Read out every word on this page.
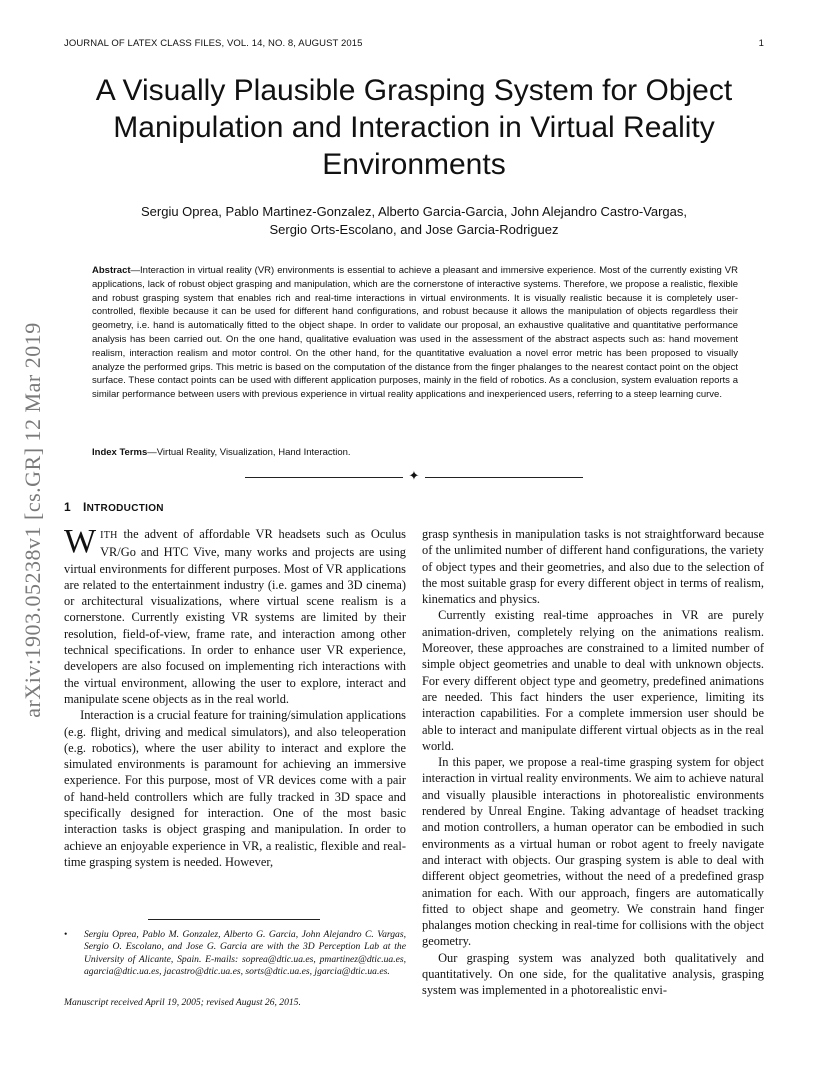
JOURNAL OF LATEX CLASS FILES, VOL. 14, NO. 8, AUGUST 2015	1
arXiv:1903.05238v1 [cs.GR] 12 Mar 2019
A Visually Plausible Grasping System for Object Manipulation and Interaction in Virtual Reality Environments
Sergiu Oprea, Pablo Martinez-Gonzalez, Alberto Garcia-Garcia, John Alejandro Castro-Vargas,
Sergio Orts-Escolano, and Jose Garcia-Rodriguez
Abstract—Interaction in virtual reality (VR) environments is essential to achieve a pleasant and immersive experience. Most of the currently existing VR applications, lack of robust object grasping and manipulation, which are the cornerstone of interactive systems. Therefore, we propose a realistic, flexible and robust grasping system that enables rich and real-time interactions in virtual environments. It is visually realistic because it is completely user-controlled, flexible because it can be used for different hand configurations, and robust because it allows the manipulation of objects regardless their geometry, i.e. hand is automatically fitted to the object shape. In order to validate our proposal, an exhaustive qualitative and quantitative performance analysis has been carried out. On the one hand, qualitative evaluation was used in the assessment of the abstract aspects such as: hand movement realism, interaction realism and motor control. On the other hand, for the quantitative evaluation a novel error metric has been proposed to visually analyze the performed grips. This metric is based on the computation of the distance from the finger phalanges to the nearest contact point on the object surface. These contact points can be used with different application purposes, mainly in the field of robotics. As a conclusion, system evaluation reports a similar performance between users with previous experience in virtual reality applications and inexperienced users, referring to a steep learning curve.
Index Terms—Virtual Reality, Visualization, Hand Interaction.
✦
1 INTRODUCTION

WITH the advent of affordable VR headsets such as Oculus VR/Go and HTC Vive, many works and projects are using virtual environments for different purposes. Most of VR applications are related to the entertainment industry (i.e. games and 3D cinema) or architectural visualizations, where virtual scene realism is a cornerstone. Currently existing VR systems are limited by their resolution, field-of-view, frame rate, and interaction among other technical specifications. In order to enhance user VR experience, developers are also focused on implementing rich interactions with the virtual environment, allowing the user to explore, interact and manipulate scene objects as in the real world.

Interaction is a crucial feature for training/simulation applications (e.g. flight, driving and medical simulators), and also teleoperation (e.g. robotics), where the user ability to interact and explore the simulated environments is paramount for achieving an immersive experience. For this purpose, most of VR devices come with a pair of hand-held controllers which are fully tracked in 3D space and specifically designed for interaction. One of the most basic interaction tasks is object grasping and manipulation. In order to achieve an enjoyable experience in VR, a realistic, flexible and real-time grasping system is needed. However,

grasp synthesis in manipulation tasks is not straightforward because of the unlimited number of different hand configurations, the variety of object types and their geometries, and also due to the selection of the most suitable grasp for every different object in terms of realism, kinematics and physics.

Currently existing real-time approaches in VR are purely animation-driven, completely relying on the animations realism. Moreover, these approaches are constrained to a limited number of simple object geometries and unable to deal with unknown objects. For every different object type and geometry, predefined animations are needed. This fact hinders the user experience, limiting its interaction capabilities. For a complete immersion user should be able to interact and manipulate different virtual objects as in the real world.

In this paper, we propose a real-time grasping system for object interaction in virtual reality environments. We aim to achieve natural and visually plausible interactions in photorealistic environments rendered by Unreal Engine. Taking advantage of headset tracking and motion controllers, a human operator can be embodied in such environments as a virtual human or robot agent to freely navigate and interact with objects. Our grasping system is able to deal with different object geometries, without the need of a predefined grasp animation for each. With our approach, fingers are automatically fitted to object shape and geometry. We constrain hand finger phalanges motion checking in real-time for collisions with the object geometry.

Our grasping system was analyzed both qualitatively and quantitatively. On one side, for the qualitative analysis, grasping system was implemented in a photorealistic envi-

• Sergiu Oprea, Pablo M. Gonzalez, Alberto G. Garcia, John Alejandro C. Vargas, Sergio O. Escolano, and Jose G. Garcia are with the 3D Perception Lab at the University of Alicante, Spain. E-mails: soprea@dtic.ua.es, pmartinez@dtic.ua.es, agarcia@dtic.ua.es, jacastro@dtic.ua.es, sorts@dtic.ua.es, jgarcia@dtic.ua.es.
Manuscript received April 19, 2005; revised August 26, 2015.
